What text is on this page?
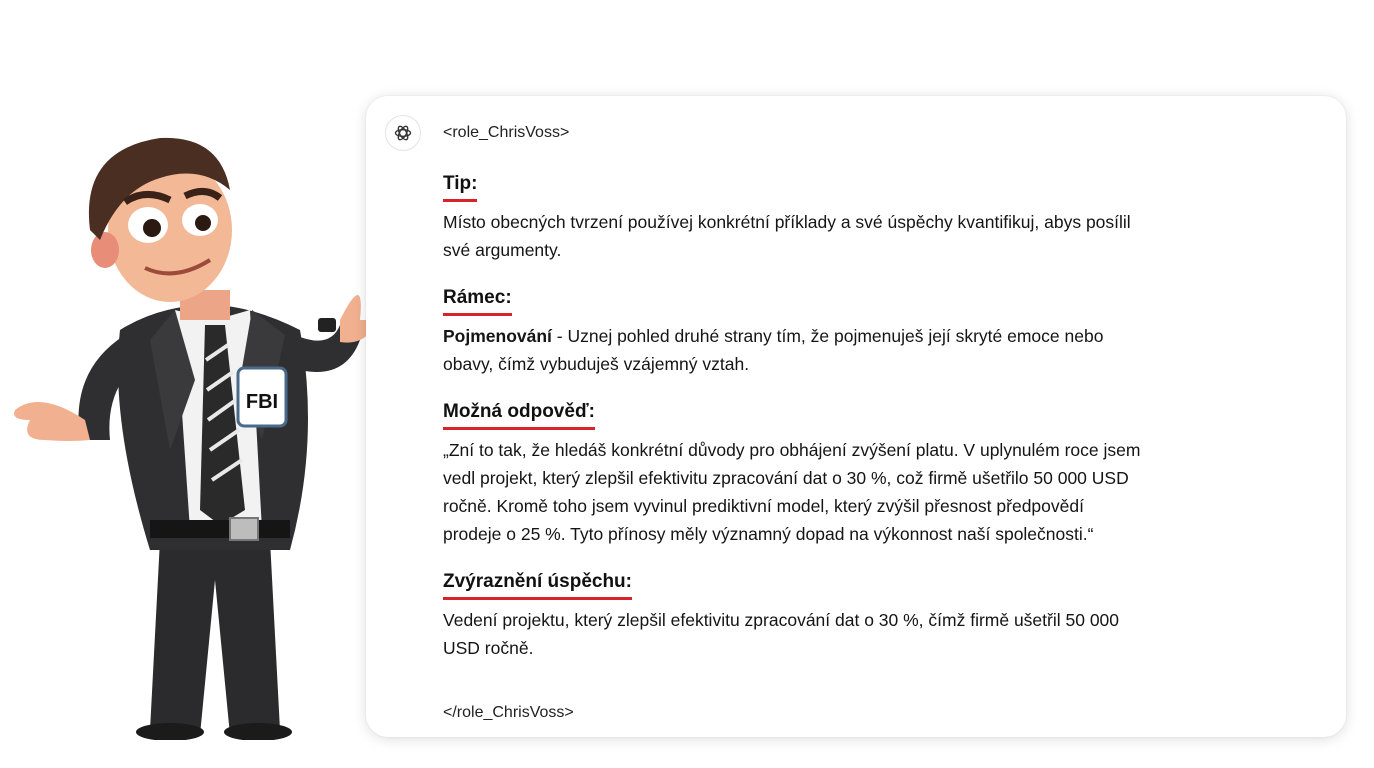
FBI
<role_ChrisVoss>
Tip:

Místo obecných tvrzení používej konkrétní příklady a své úspěchy kvantifikuj, abys posílil své argumenty.

Rámec:

Pojmenování - Uznej pohled druhé strany tím, že pojmenuješ její skryté emoce nebo obavy, čímž vybuduješ vzájemný vztah.

Možná odpověď:

„Zní to tak, že hledáš konkrétní důvody pro obhájení zvýšení platu. V uplynulém roce jsem vedl projekt, který zlepšil efektivitu zpracování dat o 30 %, což firmě ušetřilo 50 000 USD ročně. Kromě toho jsem vyvinul prediktivní model, který zvýšil přesnost předpovědí prodeje o 25 %. Tyto přínosy měly významný dopad na výkonnost naší společnosti.“

Zvýraznění úspěchu:

Vedení projektu, který zlepšil efektivitu zpracování dat o 30 %, čímž firmě ušetřil 50 000 USD ročně.

</role_ChrisVoss>
